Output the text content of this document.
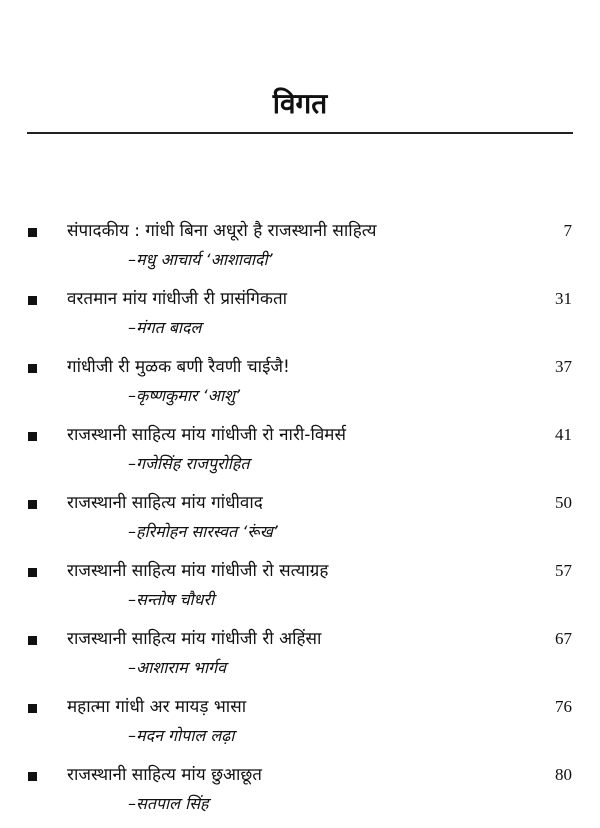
विगत
संपादकीय : गांधी बिना अधूरो है राजस्थानी साहित्य	7
–मधु आचार्य ‘आशावादी’
वरतमान मांय गांधीजी री प्रासंगिकता	31
–मंगत बादल
गांधीजी री मुळक बणी रैवणी चाईजै!	37
–कृष्णकुमार ‘आशु’
राजस्थानी साहित्य मांय गांधीजी रो नारी-विमर्स	41
–गजेसिंह राजपुरोहित
राजस्थानी साहित्य मांय गांधीवाद	50
–हरिमोहन सारस्वत ‘रूंख’
राजस्थानी साहित्य मांय गांधीजी रो सत्याग्रह	57
–सन्तोष चौधरी
राजस्थानी साहित्य मांय गांधीजी री अहिंसा	67
–आशाराम भार्गव
महात्मा गांधी अर मायड़ भासा	76
–मदन गोपाल लढ़ा
राजस्थानी साहित्य मांय छुआछूत	80
–सतपाल सिंह
